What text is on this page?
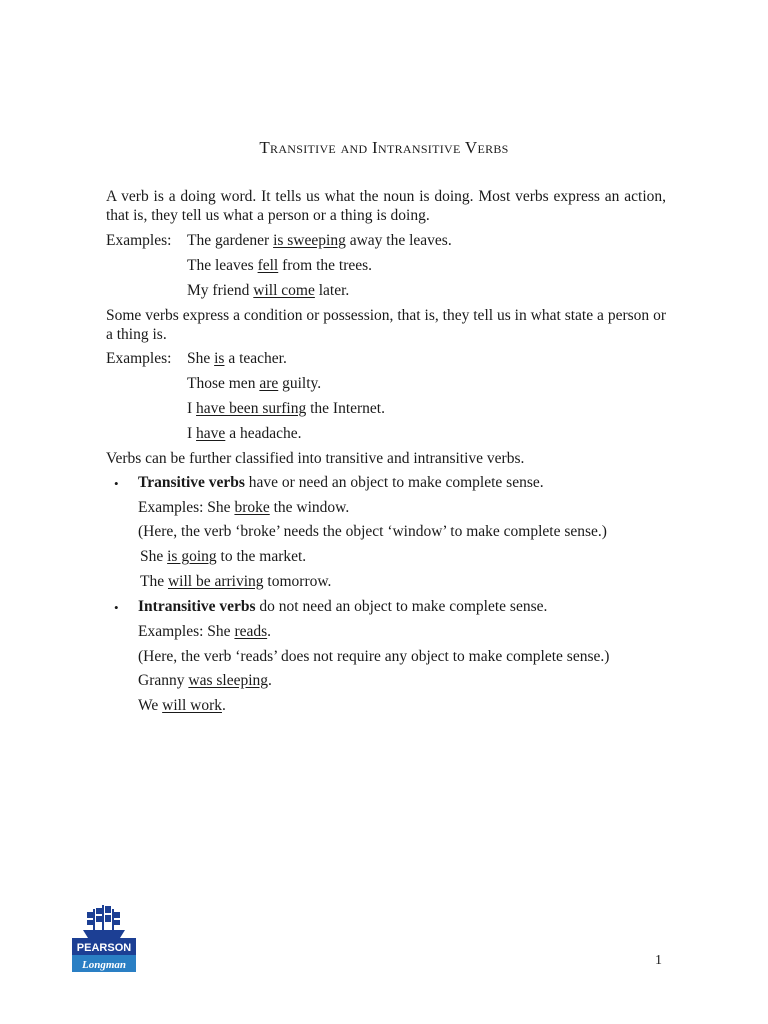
Transitive and Intransitive Verbs
A verb is a doing word. It tells us what the noun is doing. Most verbs express an action, that is, they tell us what a person or a thing is doing.
Examples: The gardener is sweeping away the leaves.
The leaves fell from the trees.
My friend will come later.
Some verbs express a condition or possession, that is, they tell us in what state a person or a thing is.
Examples: She is a teacher.
Those men are guilty.
I have been surfing the Internet.
I have a headache.
Verbs can be further classified into transitive and intransitive verbs.
• Transitive verbs have or need an object to make complete sense.
Examples: She broke the window.
(Here, the verb ‘broke’ needs the object ‘window’ to make complete sense.)
She is going to the market.
The will be arriving tomorrow.
• Intransitive verbs do not need an object to make complete sense.
Examples: She reads.
(Here, the verb ‘reads’ does not require any object to make complete sense.)
Granny was sleeping.
We will work.
PEARSON
Longman	1
